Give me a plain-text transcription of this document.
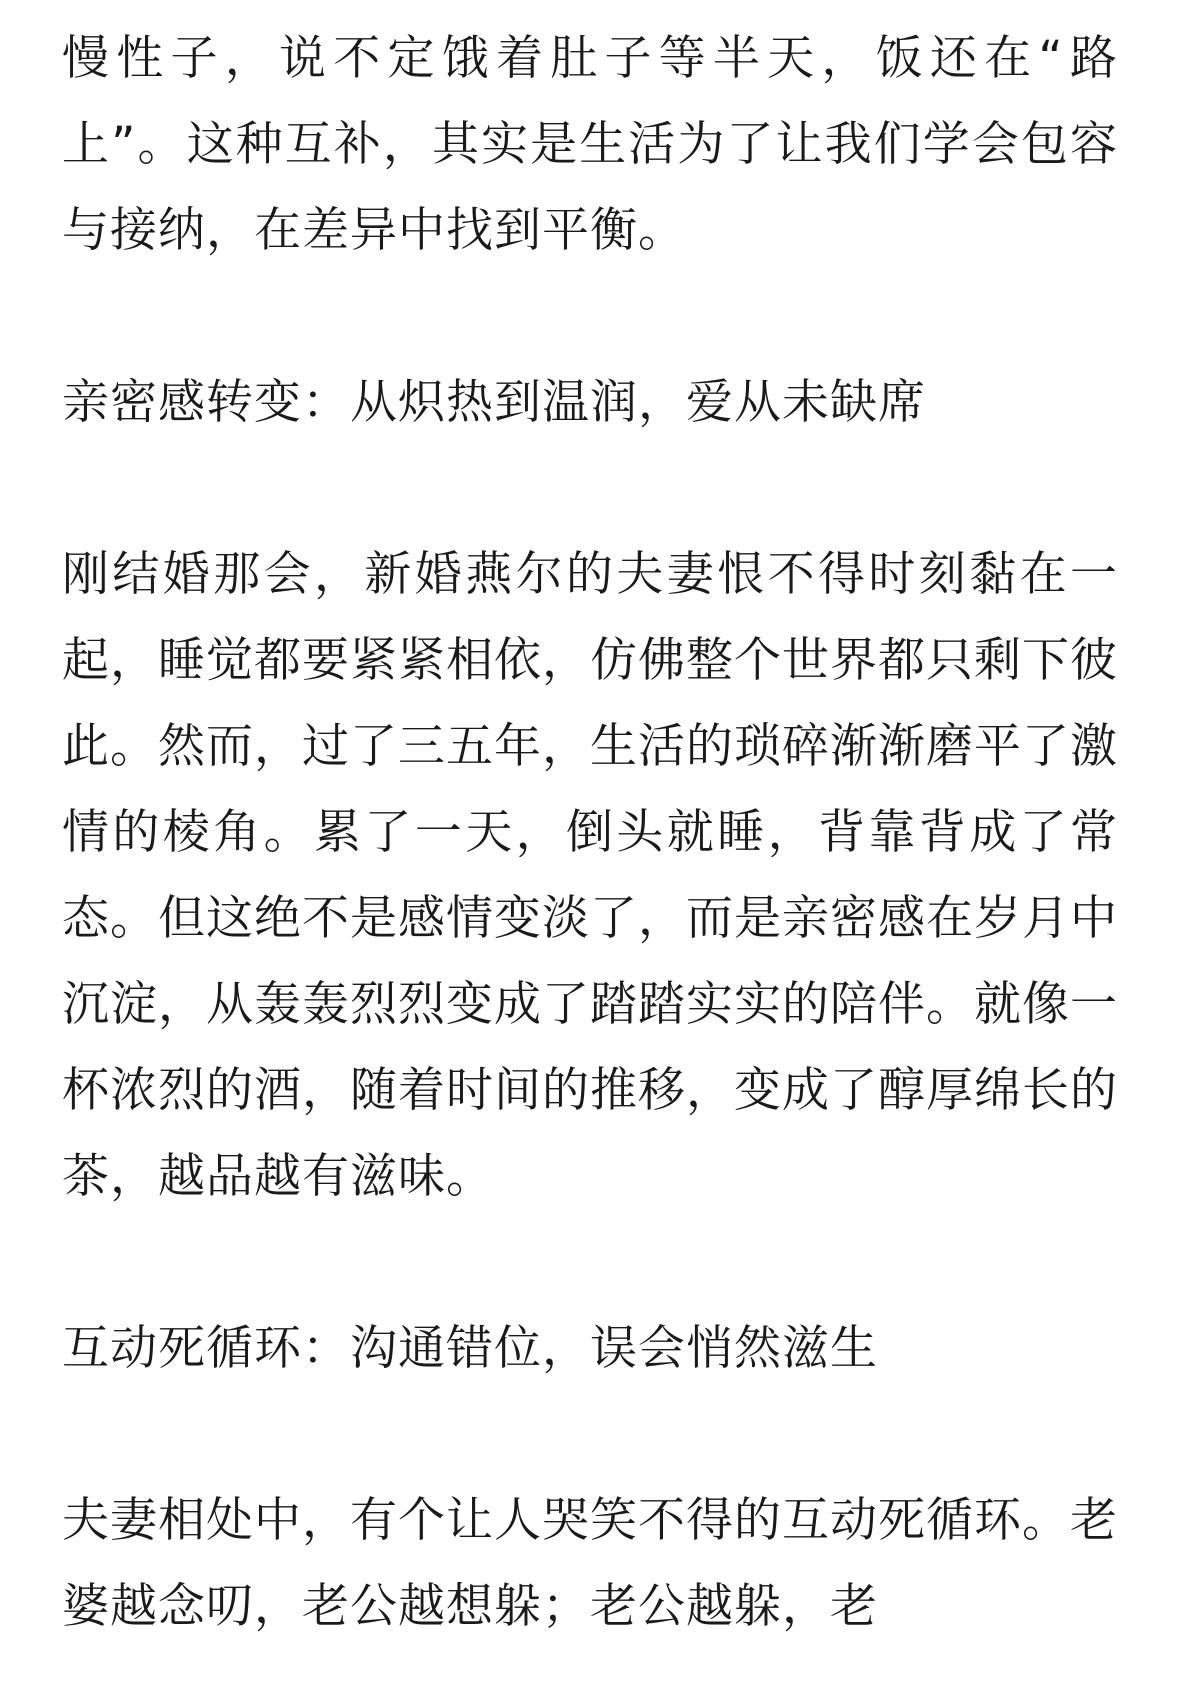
慢性子，说不定饿着肚子等半天，饭还在“路上”。这种互补，其实是生活为了让我们学会包容与接纳，在差异中找到平衡。

亲密感转变：从炽热到温润，爱从未缺席

刚结婚那会，新婚燕尔的夫妻恨不得时刻黏在一起，睡觉都要紧紧相依，仿佛整个世界都只剩下彼此。然而，过了三五年，生活的琐碎渐渐磨平了激情的棱角。累了一天，倒头就睡，背靠背成了常态。但这绝不是感情变淡了，而是亲密感在岁月中沉淀，从轰轰烈烈变成了踏踏实实的陪伴。就像一杯浓烈的酒，随着时间的推移，变成了醇厚绵长的茶，越品越有滋味。

互动死循环：沟通错位，误会悄然滋生

夫妻相处中，有个让人哭笑不得的互动死循环。老婆越念叨，老公越想躲；老公越躲，老
